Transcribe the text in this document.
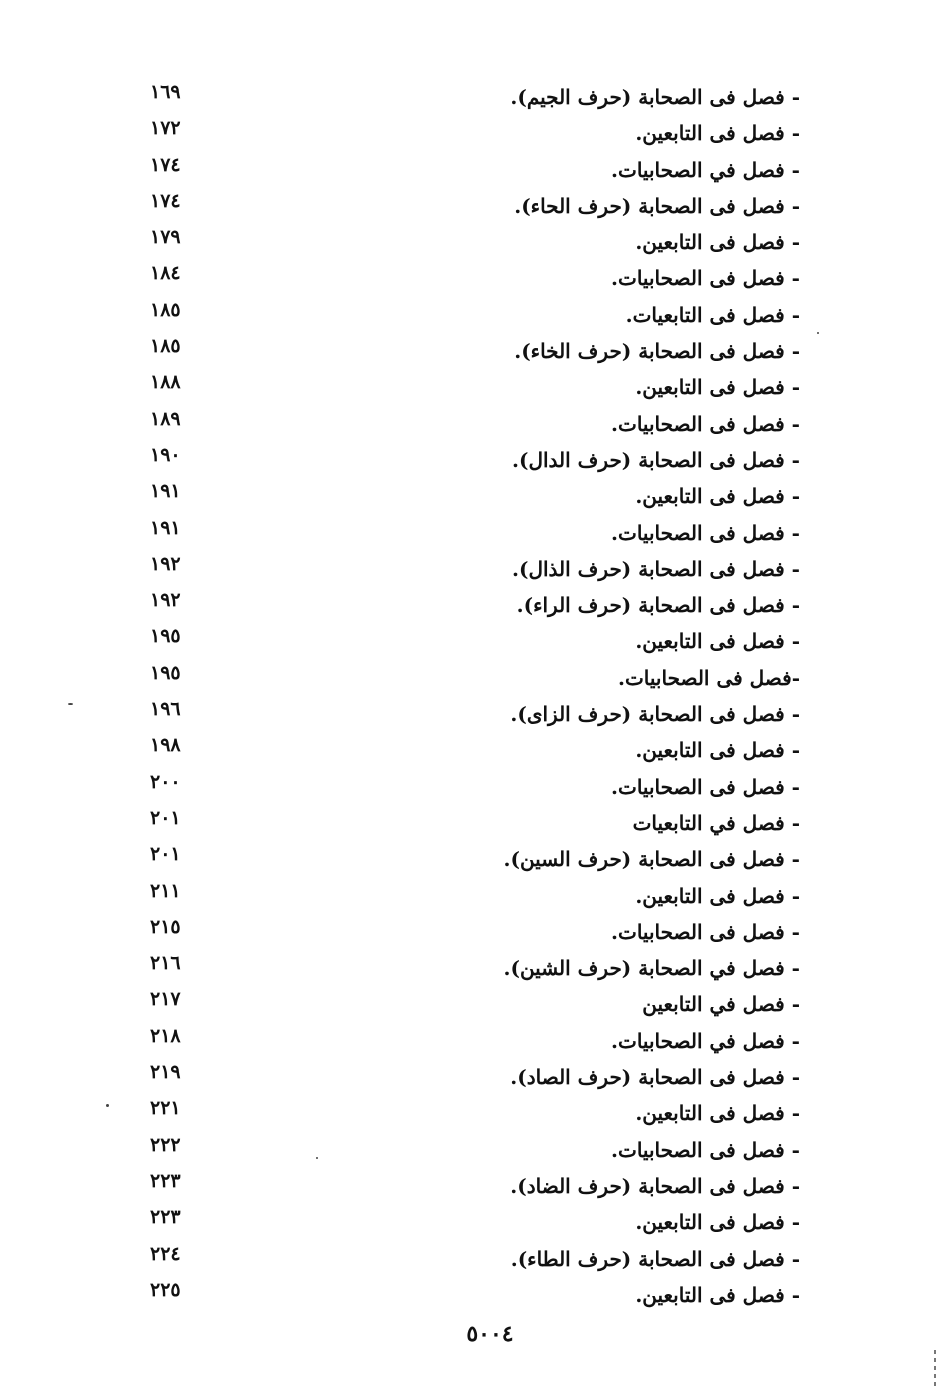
- فصل فى الصحابة (حرف الجيم).
١٦٩
- فصل فى التابعين.
١٧٢
- فصل في الصحابيات.
١٧٤
- فصل فى الصحابة (حرف الحاء).
١٧٤
- فصل فى التابعين.
١٧٩
- فصل فى الصحابيات.
١٨٤
- فصل فى التابعيات.
١٨٥
- فصل فى الصحابة (حرف الخاء).
١٨٥
- فصل فى التابعين.
١٨٨
- فصل فى الصحابيات.
١٨٩
- فصل فى الصحابة (حرف الدال).
١٩٠
- فصل فى التابعين.
١٩١
- فصل فى الصحابيات.
١٩١
- فصل فى الصحابة (حرف الذال).
١٩٢
- فصل فى الصحابة (حرف الراء).
١٩٢
- فصل فى التابعين.
١٩٥
-فصل فى الصحابيات.
١٩٥
- فصل فى الصحابة (حرف الزاى).
١٩٦
- فصل فى التابعين.
١٩٨
- فصل فى الصحابيات.
٢٠٠
- فصل في التابعيات
٢٠١
- فصل فى الصحابة (حرف السين).
٢٠١
- فصل فى التابعين.
٢١١
- فصل فى الصحابيات.
٢١٥
- فصل في الصحابة (حرف الشين).
٢١٦
- فصل في التابعين
٢١٧
- فصل في الصحابيات.
٢١٨
- فصل فى الصحابة (حرف الصاد).
٢١٩
- فصل فى التابعين.
٢٢١
- فصل فى الصحابيات.
٢٢٢
- فصل فى الصحابة (حرف الضاد).
٢٢٣
- فصل فى التابعين.
٢٢٣
- فصل فى الصحابة (حرف الطاء).
٢٢٤
- فصل فى التابعين.
٢٢٥
٥٠٠٤
